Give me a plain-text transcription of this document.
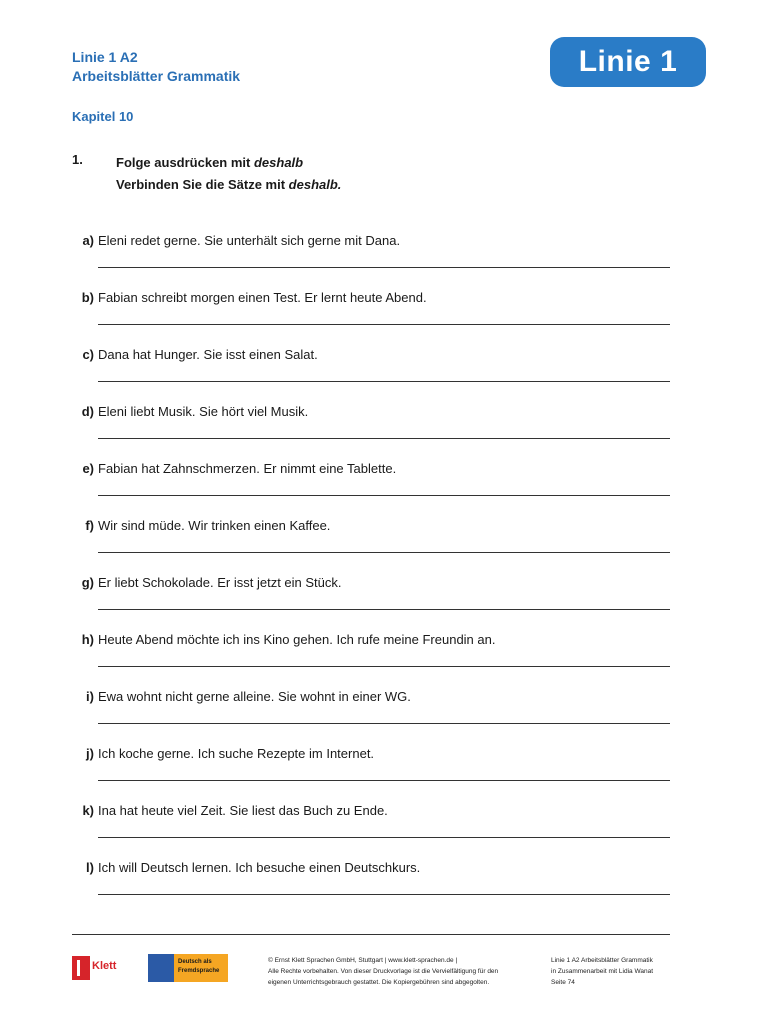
Linie 1 A2
Arbeitsblätter Grammatik	Linie 1
Kapitel 10
1.	Folge ausdrücken mit deshalb
Verbinden Sie die Sätze mit deshalb.
a) Eleni redet gerne. Sie unterhält sich gerne mit Dana.
b) Fabian schreibt morgen einen Test. Er lernt heute Abend.
c) Dana hat Hunger. Sie isst einen Salat.
d) Eleni liebt Musik. Sie hört viel Musik.
e) Fabian hat Zahnschmerzen. Er nimmt eine Tablette.
f) Wir sind müde. Wir trinken einen Kaffee.
g) Er liebt Schokolade. Er isst jetzt ein Stück.
h) Heute Abend möchte ich ins Kino gehen. Ich rufe meine Freundin an.
i) Ewa wohnt nicht gerne alleine. Sie wohnt in einer WG.
j) Ich koche gerne. Ich suche Rezepte im Internet.
k) Ina hat heute viel Zeit. Sie liest das Buch zu Ende.
l) Ich will Deutsch lernen. Ich besuche einen Deutschkurs.
Klett	Deutsch als Fremdsprache
© Ernst Klett Sprachen GmbH, Stuttgart | www.klett-sprachen.de |
Alle Rechte vorbehalten. Von dieser Druckvorlage ist die Vervielfältigung für den
eigenen Unterrichtsgebrauch gestattet. Die Kopiergebühren sind abgegolten.
Linie 1 A2 Arbeitsblätter Grammatik
in Zusammenarbeit mit Lidia Wanat
Seite 74
